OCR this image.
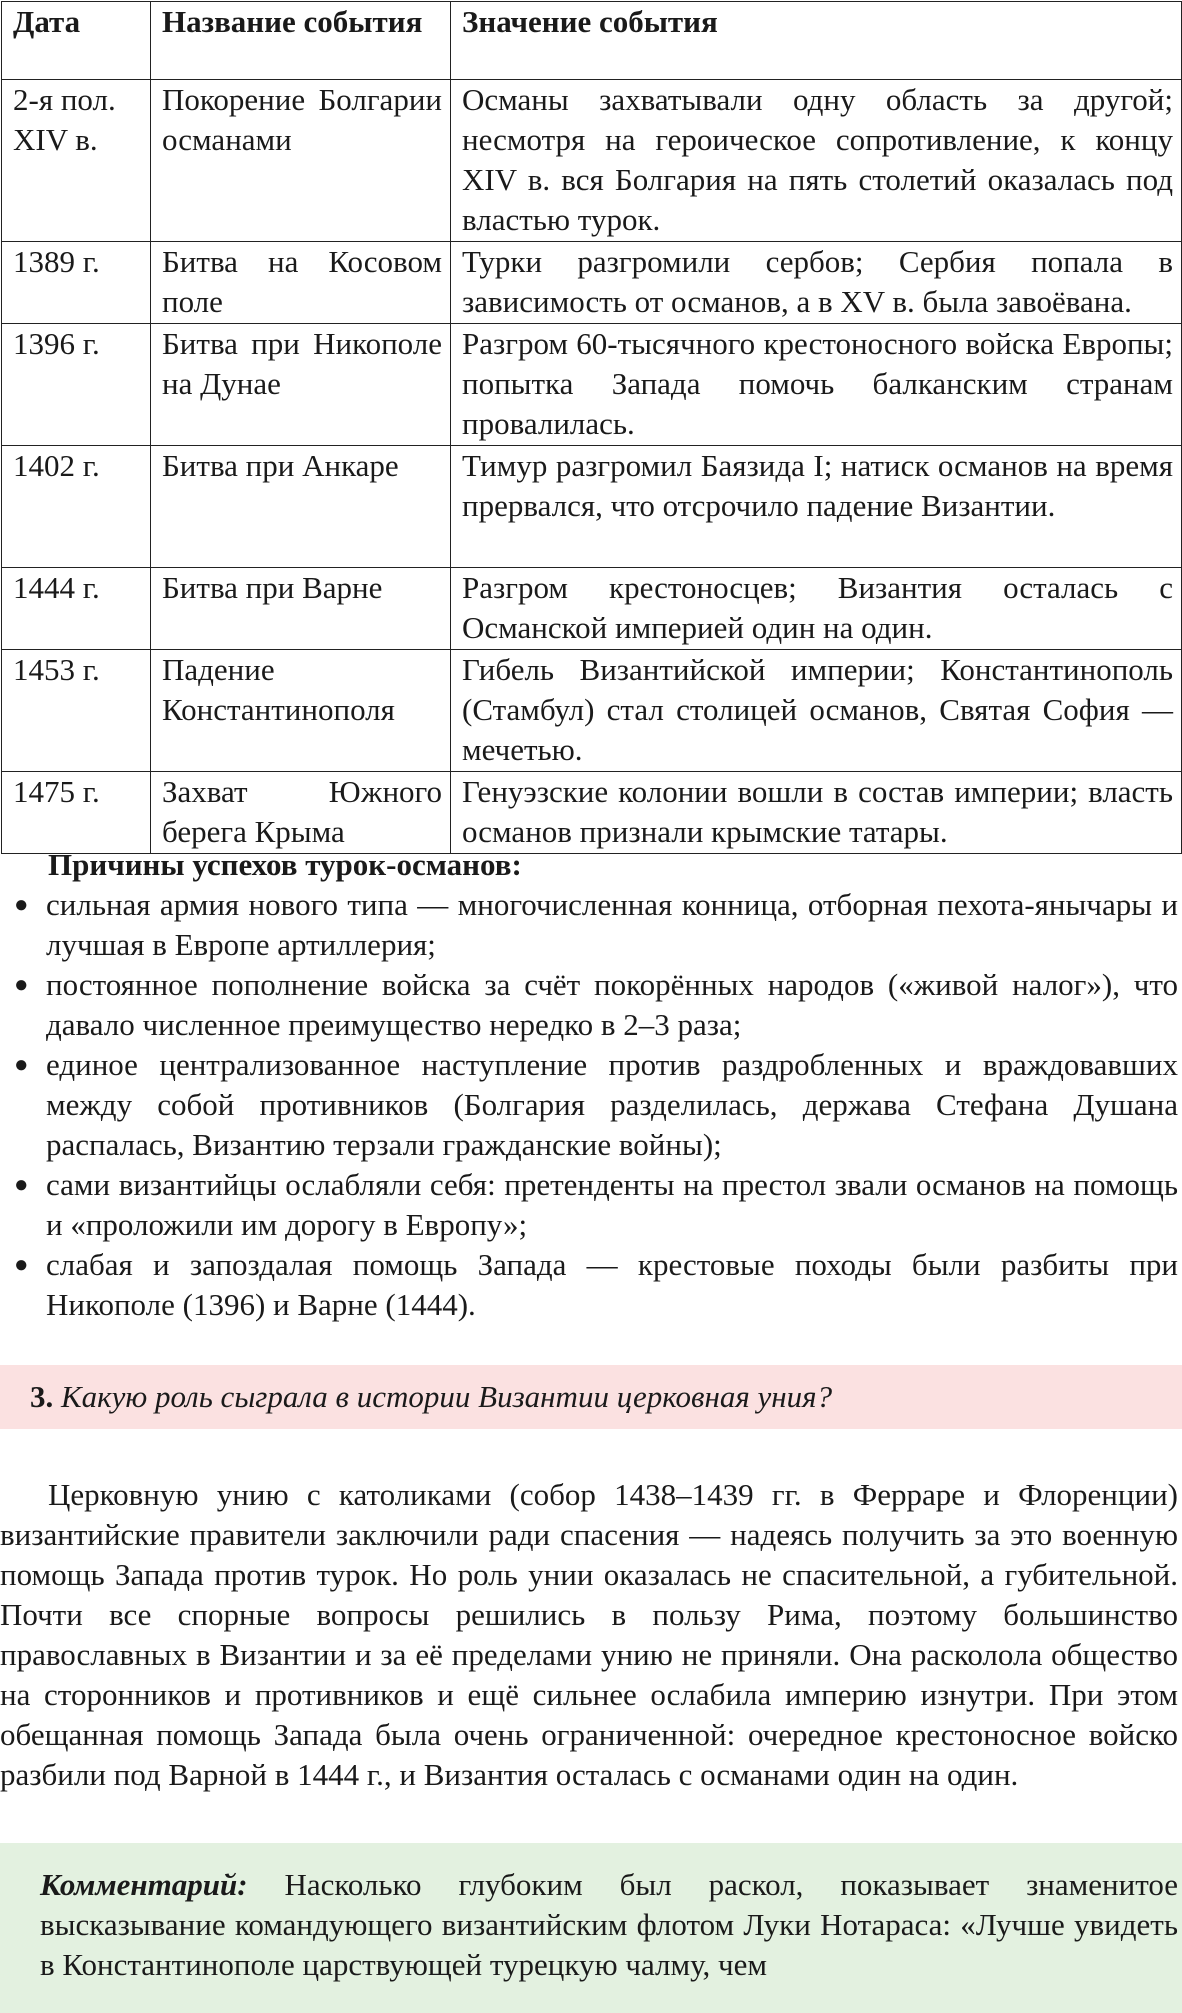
Дата	Название события	Значение события
2-я пол. XIV в.	Покорение Болгарии османами	Османы захватывали одну область за другой; несмотря на героическое сопротивление, к концу XIV в. вся Болгария на пять столетий оказалась под властью турок.
1389 г.	Битва на Косовом поле	Турки разгромили сербов; Сербия попала в зависимость от османов, а в XV в. была завоёвана.
1396 г.	Битва при Никополе на Дунае	Разгром 60-тысячного крестоносного войска Европы; попытка Запада помочь балканским странам провалилась.
1402 г.	Битва при Анкаре	Тимур разгромил Баязида I; натиск османов на время прервался, что отсрочило падение Византии.
1444 г.	Битва при Варне	Разгром крестоносцев; Византия осталась с Османской империей один на один.
1453 г.	Падение Константинополя	Гибель Византийской империи; Константинополь (Стамбул) стал столицей османов, Святая София — мечетью.
1475 г.	Захват Южного берега Крыма	Генуэзские колонии вошли в состав империи; власть османов признали крымские татары.

Причины успехов турок-османов:

● сильная армия нового типа — многочисленная конница, отборная пехота-янычары и лучшая в Европе артиллерия;
● постоянное пополнение войска за счёт покорённых народов («живой налог»), что давало численное преимущество нередко в 2–3 раза;
● единое централизованное наступление против раздробленных и враждовавших между собой противников (Болгария разделилась, держава Стефана Душана распалась, Византию терзали гражданские войны);
● сами византийцы ослабляли себя: претенденты на престол звали османов на помощь и «проложили им дорогу в Европу»;
● слабая и запоздалая помощь Запада — крестовые походы были разбиты при Никополе (1396) и Варне (1444).
3. Какую роль сыграла в истории Византии церковная уния?

Церковную унию с католиками (собор 1438–1439 гг. в Ферраре и Флоренции) византийские правители заключили ради спасения — надеясь получить за это военную помощь Запада против турок. Но роль унии оказалась не спасительной, а губительной. Почти все спорные вопросы решились в пользу Рима, поэтому большинство православных в Византии и за её пределами унию не приняли. Она расколола общество на сторонников и противников и ещё сильнее ослабила империю изнутри. При этом обещанная помощь Запада была очень ограниченной: очередное крестоносное войско разбили под Варной в 1444 г., и Византия осталась с османами один на один.

Комментарий: Насколько глубоким был раскол, показывает знаменитое высказывание командующего византийским флотом Луки Нотараса: «Лучше увидеть в Константинополе царствующей турецкую чалму, чем
